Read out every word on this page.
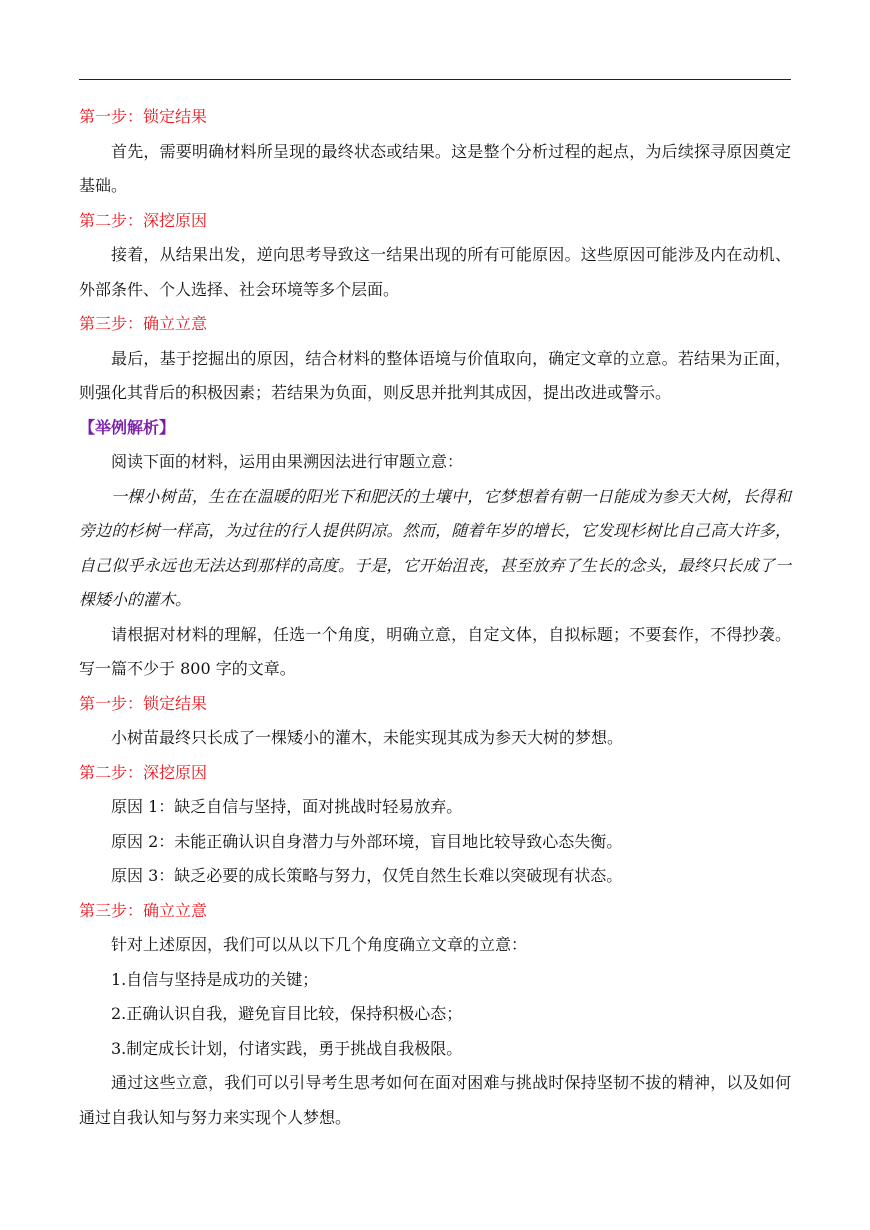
第一步：锁定结果
首先，需要明确材料所呈现的最终状态或结果。这是整个分析过程的起点，为后续探寻原因奠定基础。
第二步：深挖原因
接着，从结果出发，逆向思考导致这一结果出现的所有可能原因。这些原因可能涉及内在动机、外部条件、个人选择、社会环境等多个层面。
第三步：确立立意
最后，基于挖掘出的原因，结合材料的整体语境与价值取向，确定文章的立意。若结果为正面，则强化其背后的积极因素；若结果为负面，则反思并批判其成因，提出改进或警示。
【举例解析】
阅读下面的材料，运用由果溯因法进行审题立意：
一棵小树苗，生在在温暖的阳光下和肥沃的土壤中，它梦想着有朝一日能成为参天大树，长得和旁边的杉树一样高，为过往的行人提供阴凉。然而，随着年岁的增长，它发现杉树比自己高大许多，自己似乎永远也无法达到那样的高度。于是，它开始沮丧，甚至放弃了生长的念头，最终只长成了一棵矮小的灌木。
请根据对材料的理解，任选一个角度，明确立意，自定文体，自拟标题；不要套作，不得抄袭。写一篇不少于 800 字的文章。
第一步：锁定结果
小树苗最终只长成了一棵矮小的灌木，未能实现其成为参天大树的梦想。
第二步：深挖原因
原因 1：缺乏自信与坚持，面对挑战时轻易放弃。
原因 2：未能正确认识自身潜力与外部环境，盲目地比较导致心态失衡。
原因 3：缺乏必要的成长策略与努力，仅凭自然生长难以突破现有状态。
第三步：确立立意
针对上述原因，我们可以从以下几个角度确立文章的立意：
1.自信与坚持是成功的关键；
2.正确认识自我，避免盲目比较，保持积极心态；
3.制定成长计划，付诸实践，勇于挑战自我极限。
通过这些立意，我们可以引导考生思考如何在面对困难与挑战时保持坚韧不拔的精神，以及如何通过自我认知与努力来实现个人梦想。
